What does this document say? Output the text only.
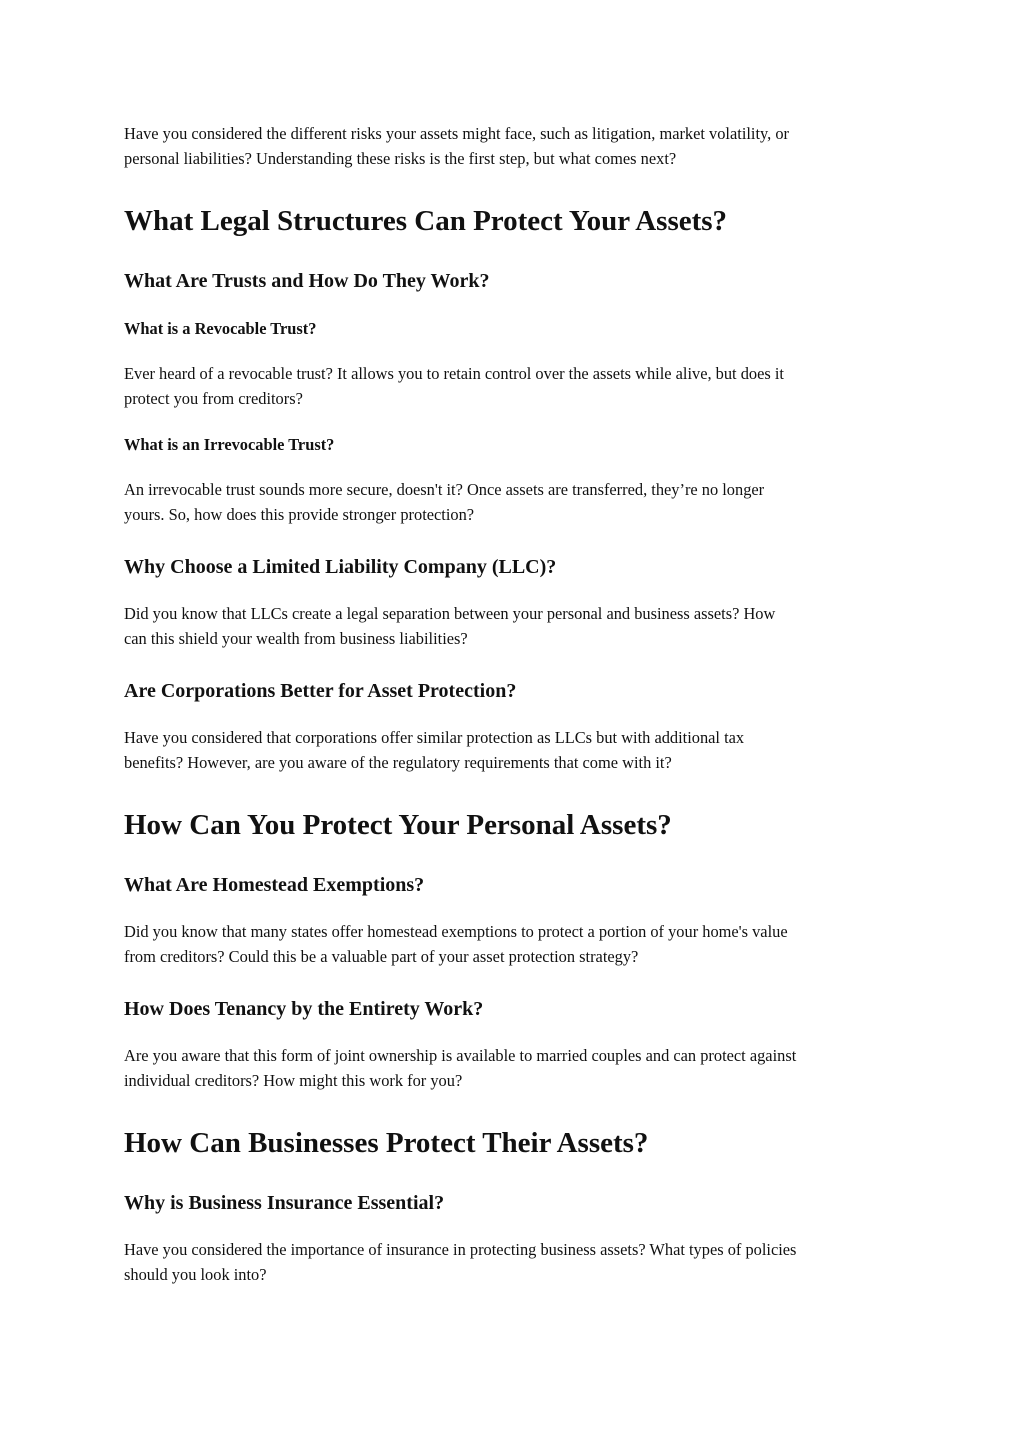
Have you considered the different risks your assets might face, such as litigation, market volatility, or
personal liabilities? Understanding these risks is the first step, but what comes next?

What Legal Structures Can Protect Your Assets?
What Are Trusts and How Do They Work?
What is a Revocable Trust?

Ever heard of a revocable trust? It allows you to retain control over the assets while alive, but does it
protect you from creditors?

What is an Irrevocable Trust?

An irrevocable trust sounds more secure, doesn't it? Once assets are transferred, they’re no longer
yours. So, how does this provide stronger protection?

Why Choose a Limited Liability Company (LLC)?

Did you know that LLCs create a legal separation between your personal and business assets? How
can this shield your wealth from business liabilities?

Are Corporations Better for Asset Protection?

Have you considered that corporations offer similar protection as LLCs but with additional tax
benefits? However, are you aware of the regulatory requirements that come with it?

How Can You Protect Your Personal Assets?
What Are Homestead Exemptions?

Did you know that many states offer homestead exemptions to protect a portion of your home's value
from creditors? Could this be a valuable part of your asset protection strategy?

How Does Tenancy by the Entirety Work?

Are you aware that this form of joint ownership is available to married couples and can protect against
individual creditors? How might this work for you?

How Can Businesses Protect Their Assets?
Why is Business Insurance Essential?

Have you considered the importance of insurance in protecting business assets? What types of policies
should you look into?
